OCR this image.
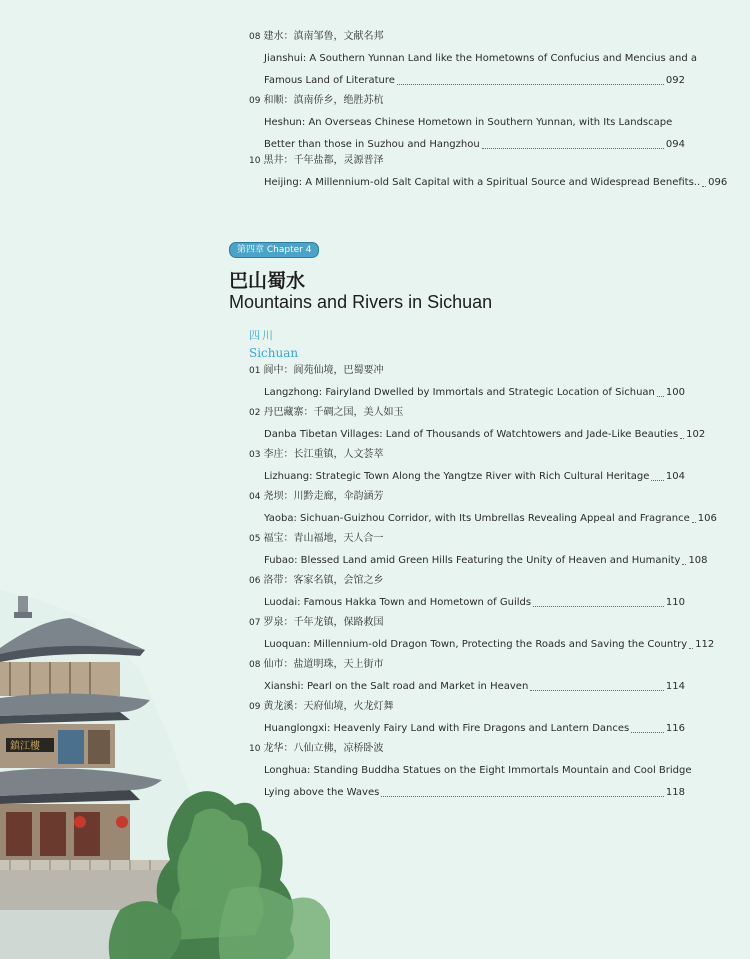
08 建水：滇南邹鲁，文献名邦
Jianshui: A Southern Yunnan Land like the Hometowns of Confucius and Mencius and a
Famous Land of Literature	092
09 和顺：滇南侨乡，绝胜苏杭
Heshun: An Overseas Chinese Hometown in Southern Yunnan, with Its Landscape
Better than those in Suzhou and Hangzhou	094
10 黑井：千年盐都，灵源普泽
Heijing: A Millennium-old Salt Capital with a Spiritual Source and Widespread Benefits.. 096
第四章 Chapter 4
巴山蜀水
Mountains and Rivers in Sichuan
四川
Sichuan
01 阆中：阆苑仙境，巴蜀要冲
Langzhong: Fairyland Dwelled by Immortals and Strategic Location of Sichuan 100
02 丹巴藏寨：千碉之国，美人如玉
Danba Tibetan Villages: Land of Thousands of Watchtowers and Jade-Like Beauties 102
03 李庄：长江重镇，人文荟萃
Lizhuang: Strategic Town Along the Yangtze River with Rich Cultural Heritage 104
04 尧坝：川黔走廊，伞韵涵芳
Yaoba: Sichuan-Guizhou Corridor, with Its Umbrellas Revealing Appeal and Fragrance 106
05 福宝：青山福地，天人合一
Fubao: Blessed Land amid Green Hills Featuring the Unity of Heaven and Humanity 108
06 洛带：客家名镇，会馆之乡
Luodai: Famous Hakka Town and Hometown of Guilds	110
07 罗泉：千年龙镇，保路救国
Luoquan: Millennium-old Dragon Town, Protecting the Roads and Saving the Country 112
08 仙市：盐道明珠，天上街市
Xianshi: Pearl on the Salt road and Market in Heaven	114
09 黄龙溪：天府仙境，火龙灯舞
Huanglongxi: Heavenly Fairy Land with Fire Dragons and Lantern Dances	116
10 龙华：八仙立佛，凉桥卧波
Longhua: Standing Buddha Statues on the Eight Immortals Mountain and Cool Bridge
Lying above the Waves	118
鎮江樓
